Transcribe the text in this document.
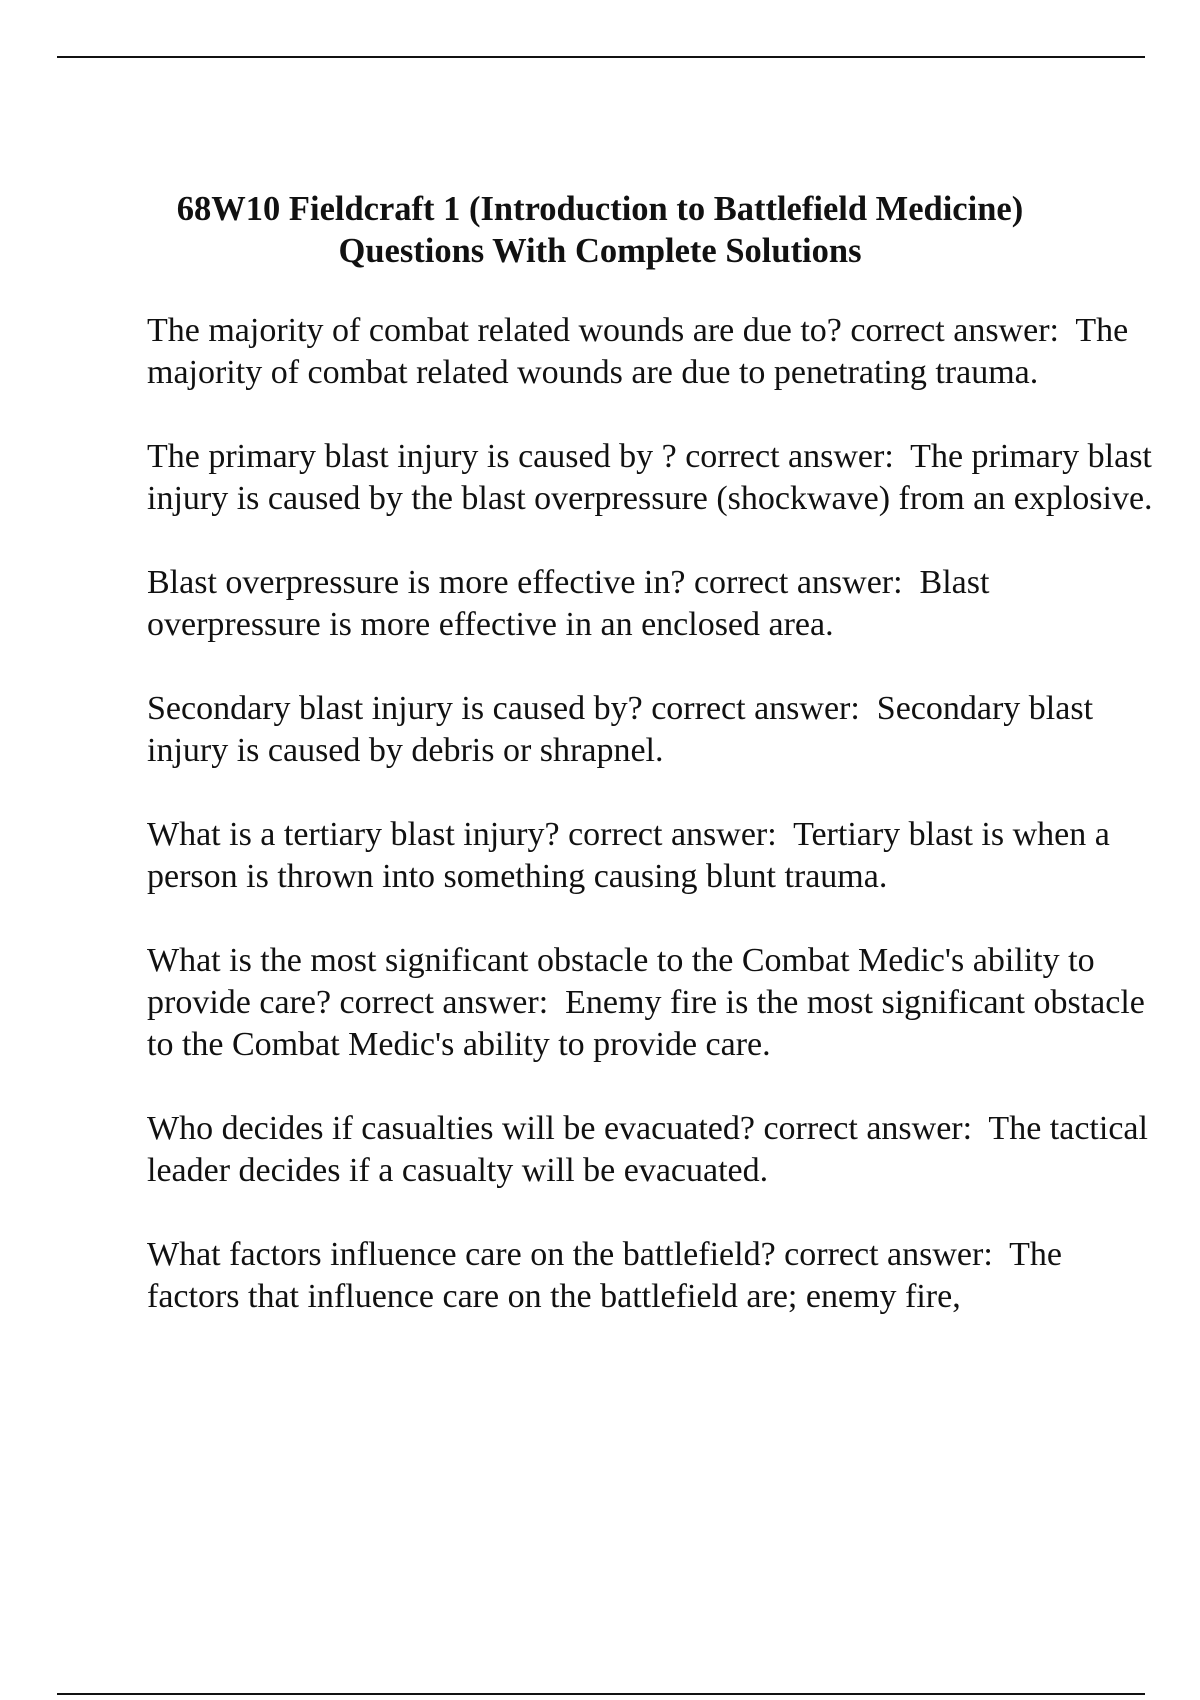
68W10 Fieldcraft 1 (Introduction to Battlefield Medicine)
Questions With Complete Solutions

The majority of combat related wounds are due to? correct answer:  The majority of combat related wounds are due to penetrating trauma.

The primary blast injury is caused by ? correct answer:  The primary blast injury is caused by the blast overpressure (shockwave) from an explosive.

Blast overpressure is more effective in? correct answer:  Blast overpressure is more effective in an enclosed area.

Secondary blast injury is caused by? correct answer:  Secondary blast injury is caused by debris or shrapnel.

What is a tertiary blast injury? correct answer:  Tertiary blast is when a person is thrown into something causing blunt trauma.

What is the most significant obstacle to the Combat Medic's ability to provide care? correct answer:  Enemy fire is the most significant obstacle to the Combat Medic's ability to provide care.

Who decides if casualties will be evacuated? correct answer:  The tactical leader decides if a casualty will be evacuated.

What factors influence care on the battlefield? correct answer:  The factors that influence care on the battlefield are; enemy fire,
